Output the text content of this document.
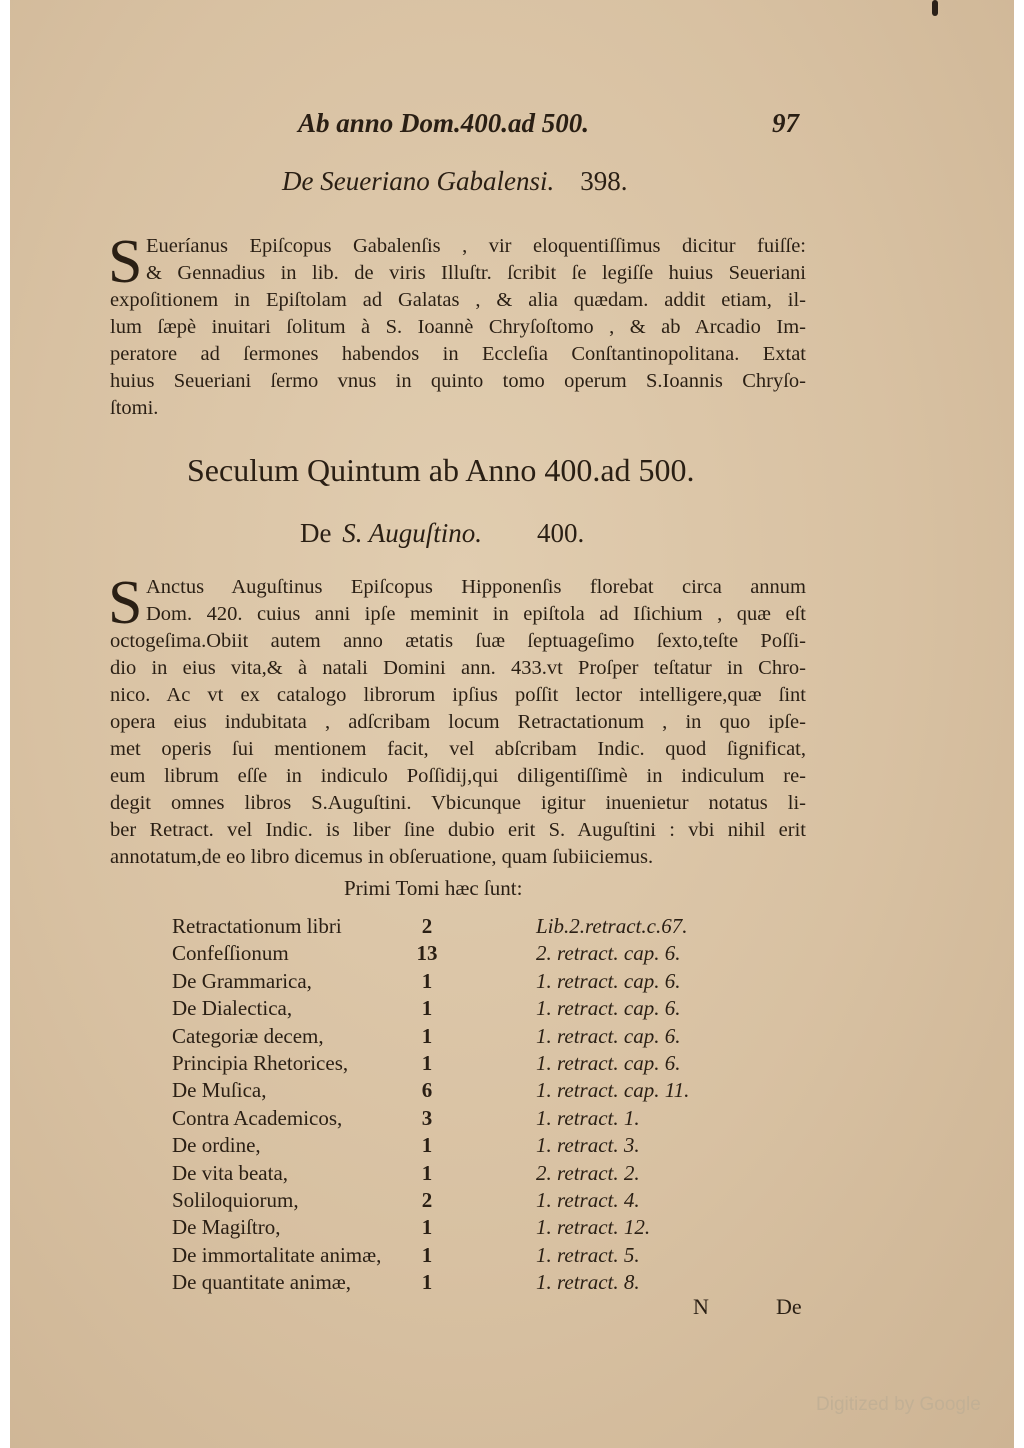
Ab anno Dom.400.ad 500.	97
De Seueriano Gabalensi. 398.
S Eueríanus Epiſcopus Gabalenſis , vir eloquentiſſimus dicitur fuiſſe:
& Gennadius in lib. de viris Illuſtr. ſcribit ſe legiſſe huius Seueriani
expoſitionem in Epiſtolam ad Galatas , & alia quædam. addit etiam, il-
lum ſæpè inuitari ſolitum à S. Ioannè Chryſoſtomo , & ab Arcadio Im-
peratore ad ſermones habendos in Eccleſia Conſtantinopolitana. Extat
huius Seueriani ſermo vnus in quinto tomo operum S.Ioannis Chryſo-
ſtomi.
Seculum Quintum ab Anno 400.ad 500.
De S. Auguſtino. 400.
S Anctus Auguſtinus Epiſcopus Hipponenſis florebat circa annum
Dom. 420. cuius anni ipſe meminit in epiſtola ad Iſichium , quæ eſt
octogeſima.Obiit autem anno ætatis ſuæ ſeptuageſimo ſexto,teſte Poſſi-
dio in eius vita,& à natali Domini ann. 433.vt Proſper teſtatur in Chro-
nico. Ac vt ex catalogo librorum ipſius poſſit lector intelligere,quæ ſint
opera eius indubitata , adſcribam locum Retractationum , in quo ipſe-
met operis ſui mentionem facit, vel abſcribam Indic. quod ſignificat,
eum librum eſſe in indiculo Poſſidij,qui diligentiſſimè in indiculum re-
degit omnes libros S.Auguſtini. Vbicunque igitur inuenietur notatus li-
ber Retract. vel Indic. is liber ſine dubio erit S. Auguſtini : vbi nihil erit
annotatum,de eo libro dicemus in obſeruatione, quam ſubiiciemus.
Primi Tomi hæc ſunt:
Retractationum libri	2	Lib.2.retract.c.67.
Confeſſionum	13	2. retract. cap. 6.
De Grammarica,	1	1. retract. cap. 6.
De Dialectica,	1	1. retract. cap. 6.
Categoriæ decem,	1	1. retract. cap. 6.
Principia Rhetorices,	1	1. retract. cap. 6.
De Muſica,	6	1. retract. cap. 11.
Contra Academicos,	3	1. retract. 1.
De ordine,	1	1. retract. 3.
De vita beata,	1	2. retract. 2.
Soliloquiorum,	2	1. retract. 4.
De Magiſtro,	1	1. retract. 12.
De immortalitate animæ,	1	1. retract. 5.
De quantitate animæ,	1	1. retract. 8.
N	De
Digitized by Google
